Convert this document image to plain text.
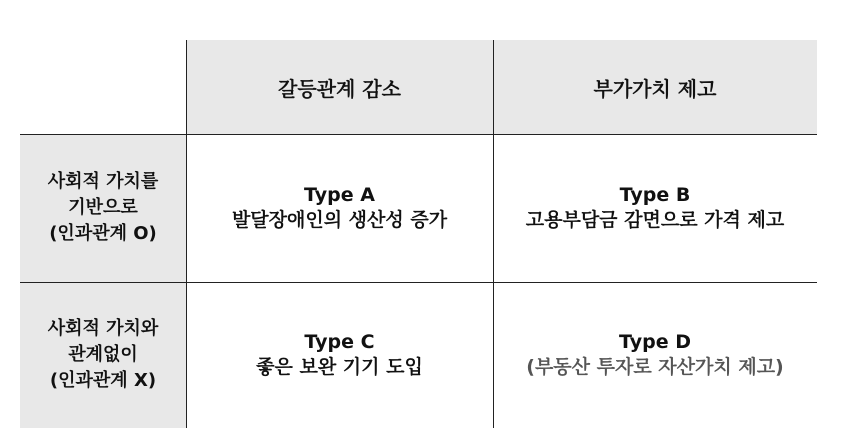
갈등관계 감소	부가가치 제고
사회적 가치를
기반으로
(인과관계 O)
사회적 가치와
관계없이
(인과관계 X)
Type A
발달장애인의 생산성 증가
Type B
고용부담금 감면으로 가격 제고
Type C
좋은 보완 기기 도입
Type D
(부동산 투자로 자산가치 제고)
